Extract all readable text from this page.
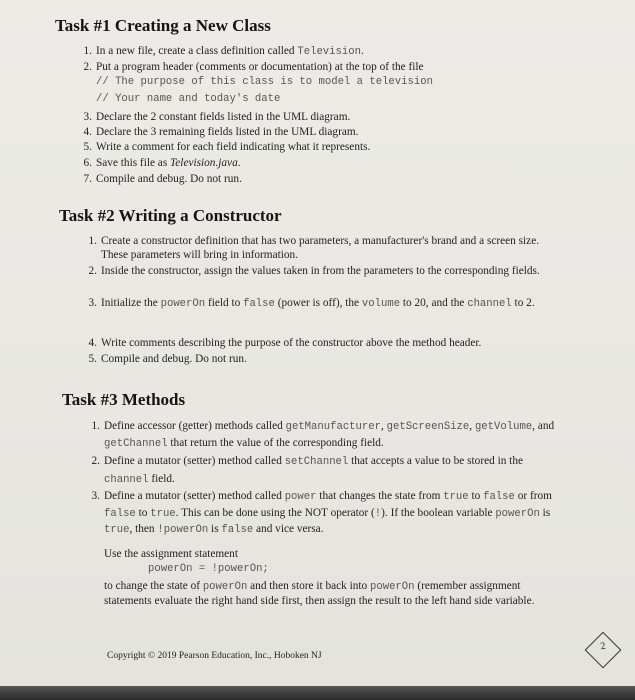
Task #1 Creating a New Class
1. In a new file, create a class definition called Television.
2. Put a program header (comments or documentation) at the top of the file
// The purpose of this class is to model a television
// Your name and today's date
3. Declare the 2 constant fields listed in the UML diagram.
4. Declare the 3 remaining fields listed in the UML diagram.
5. Write a comment for each field indicating what it represents.
6. Save this file as Television.java.
7. Compile and debug. Do not run.
Task #2 Writing a Constructor
1. Create a constructor definition that has two parameters, a manufacturer's brand and a screen size. These parameters will bring in information.
2. Inside the constructor, assign the values taken in from the parameters to the corresponding fields.
3. Initialize the powerOn field to false (power is off), the volume to 20, and the channel to 2.
4. Write comments describing the purpose of the constructor above the method header.
5. Compile and debug. Do not run.
Task #3 Methods
1. Define accessor (getter) methods called getManufacturer, getScreenSize, getVolume, and getChannel that return the value of the corresponding field.
2. Define a mutator (setter) method called setChannel that accepts a value to be stored in the channel field.
3. Define a mutator (setter) method called power that changes the state from true to false or from false to true. This can be done using the NOT operator (!). If the boolean variable powerOn is true, then !powerOn is false and vice versa.
Use the assignment statement
powerOn = !powerOn;
to change the state of powerOn and then store it back into powerOn (remember assignment statements evaluate the right hand side first, then assign the result to the left hand side variable.
Copyright © 2019 Pearson Education, Inc., Hoboken NJ
2
